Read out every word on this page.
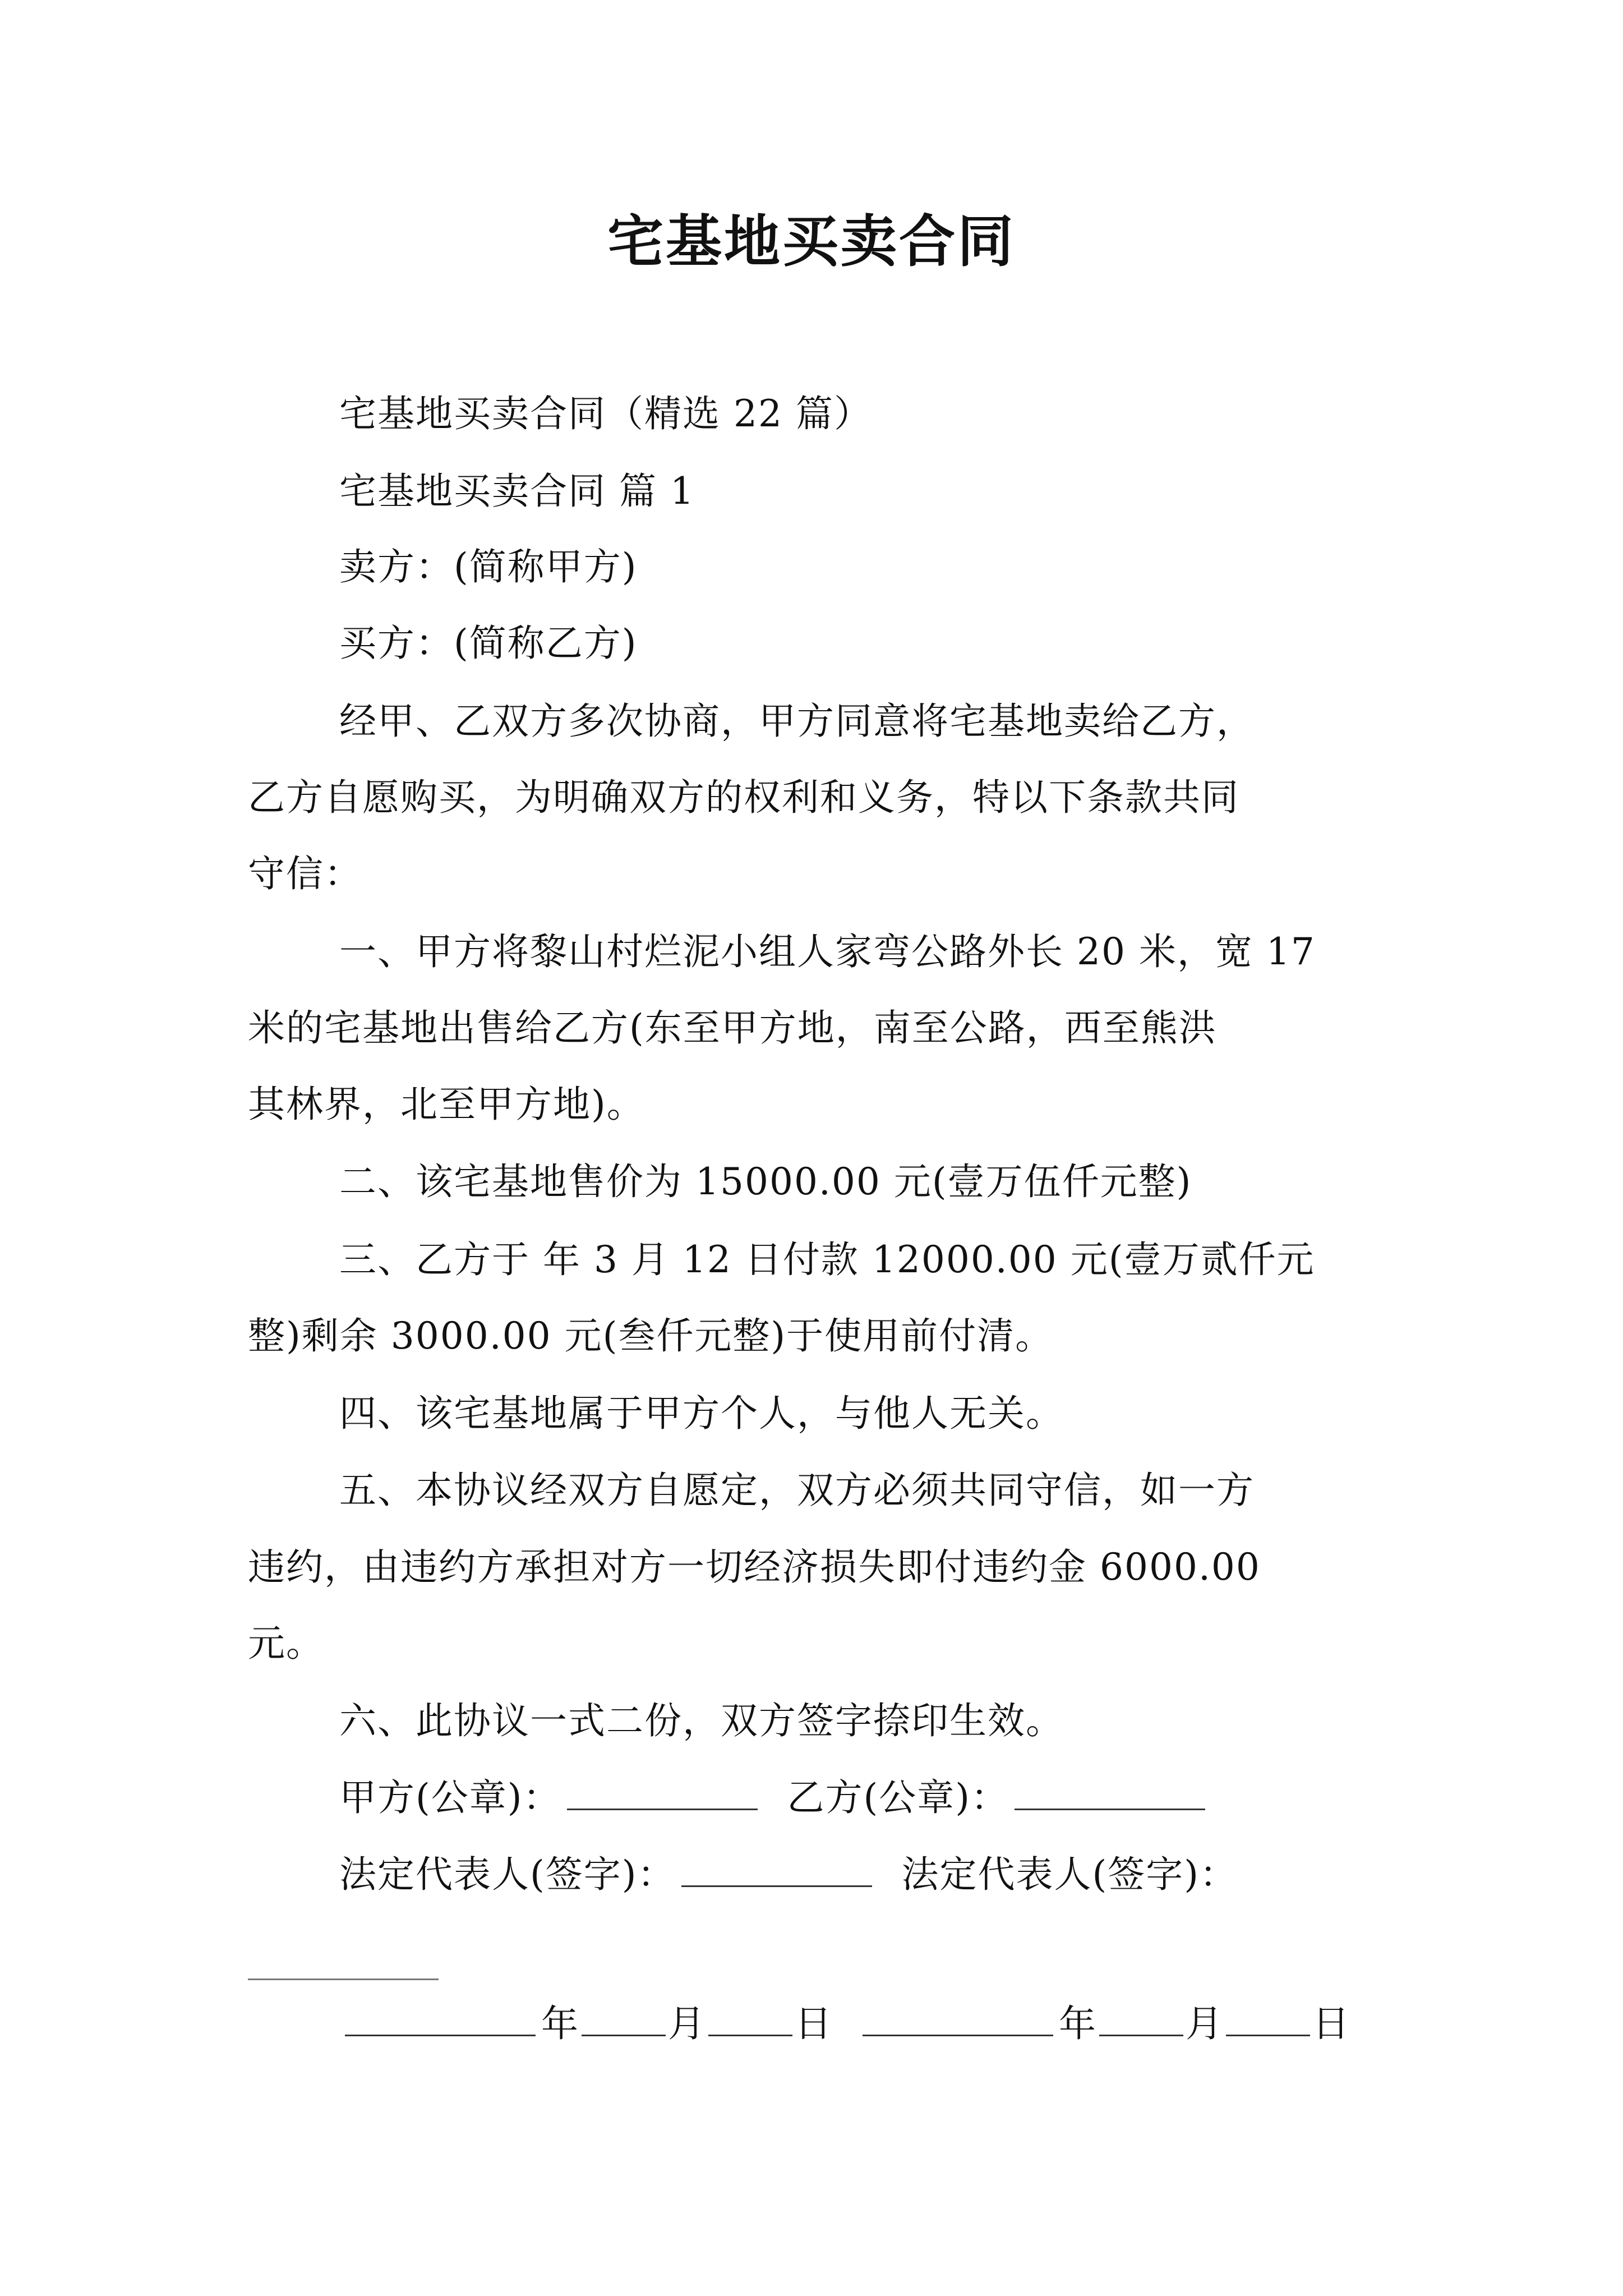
宅基地买卖合同
宅基地买卖合同（精选 22 篇）
宅基地买卖合同 篇 1
卖方：(简称甲方)
买方：(简称乙方)
经甲、乙双方多次协商，甲方同意将宅基地卖给乙方，
乙方自愿购买，为明确双方的权利和义务，特以下条款共同
守信：
一、甲方将黎山村烂泥小组人家弯公路外长 20 米，宽 17
米的宅基地出售给乙方(东至甲方地，南至公路，西至熊洪
其林界，北至甲方地)。
二、该宅基地售价为 15000.00 元(壹万伍仟元整)
三、乙方于 年 3 月 12 日付款 12000.00 元(壹万贰仟元
整)剩余 3000.00 元(叁仟元整)于使用前付清。
四、该宅基地属于甲方个人，与他人无关。
五、本协议经双方自愿定，双方必须共同守信，如一方
违约，由违约方承担对方一切经济损失即付违约金 6000.00
元。
六、此协议一式二份，双方签字捺印生效。
甲方(公章)：	乙方(公章)：
法定代表人(签字)：	法定代表人(签字)：
年 月 日	年 月 日
